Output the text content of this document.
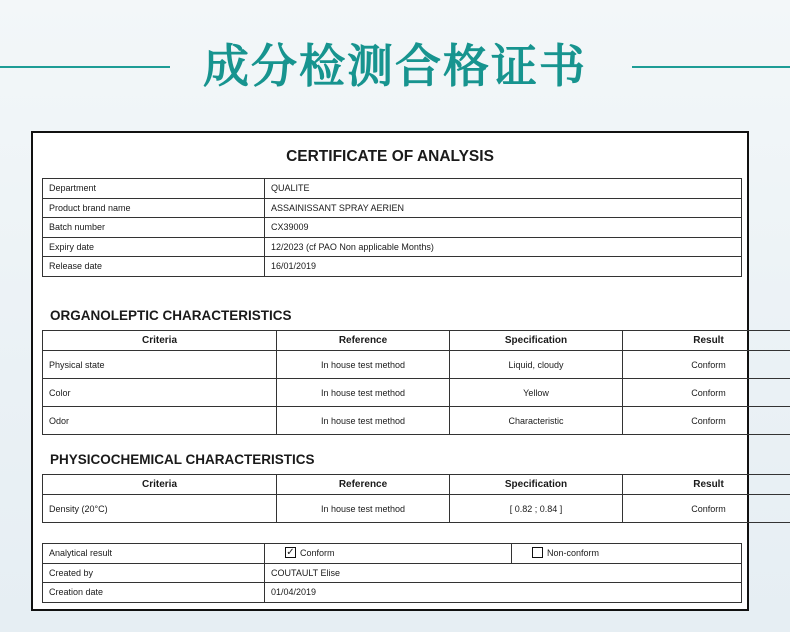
成分检测合格证书
CERTIFICATE OF ANALYSIS
Department	QUALITE
Product brand name	ASSAINISSANT SPRAY AERIEN
Batch number	CX39009
Expiry date	12/2023 (cf PAO Non applicable Months)
Release date	16/01/2019
ORGANOLEPTIC CHARACTERISTICS
Criteria	Reference	Specification	Result
Physical state	In house test method	Liquid, cloudy	Conform
Color	In house test method	Yellow	Conform
Odor	In house test method	Characteristic	Conform
PHYSICOCHEMICAL CHARACTERISTICS
Criteria	Reference	Specification	Result
Density (20°C)	In house test method	[ 0.82 ; 0.84 ]	Conform
Analytical result	✓ Conform	Non-conform
Created by	COUTAULT Elise	
Creation date	01/04/2019	
